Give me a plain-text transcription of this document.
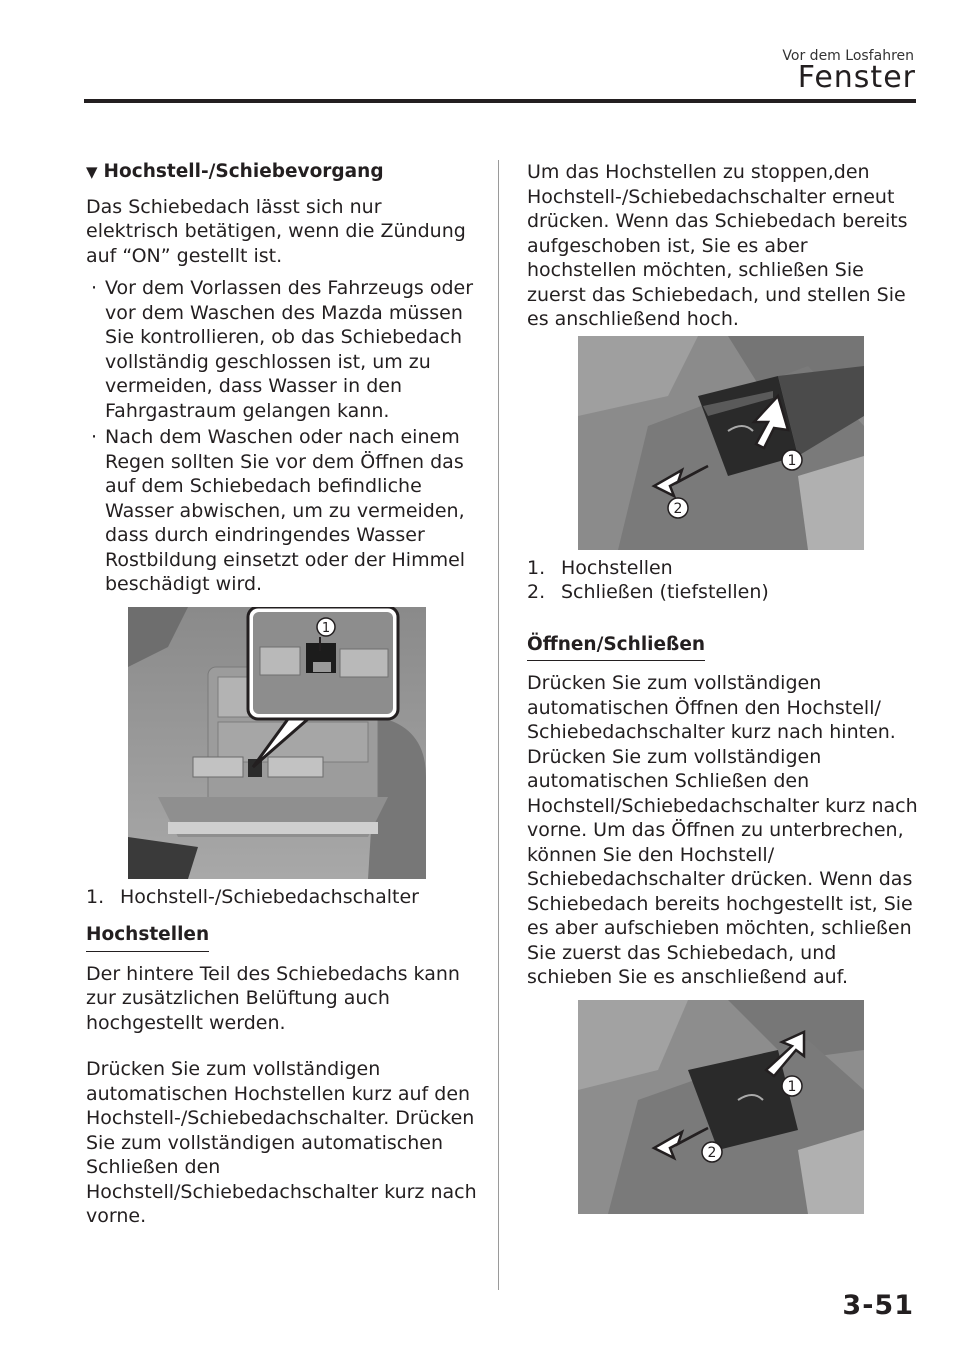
Vor dem Losfahren
Fenster

▼ Hochstell-/Schiebevorgang

Das Schiebedach lässt sich nur elektrisch betätigen, wenn die Zündung auf “ON” gestellt ist.

· Vor dem Vorlassen des Fahrzeugs oder vor dem Waschen des Mazda müssen Sie kontrollieren, ob das Schiebedach vollständig geschlossen ist, um zu vermeiden, dass Wasser in den Fahrgastraum gelangen kann.
· Nach dem Waschen oder nach einem Regen sollten Sie vor dem Öffnen das auf dem Schiebedach befindliche Wasser abwischen, um zu vermeiden, dass durch eindringendes Wasser Rostbildung einsetzt oder der Himmel beschädigt wird.
1
1. Hochstell-/Schiebedachschalter
Hochstellen

Der hintere Teil des Schiebedachs kann zur zusätzlichen Belüftung auch hochgestellt werden.

Drücken Sie zum vollständigen automatischen Hochstellen kurz auf den Hochstell-/Schiebedachschalter. Drücken Sie zum vollständigen automatischen Schließen den Hochstell/Schiebedachschalter kurz nach vorne.

Um das Hochstellen zu stoppen,den Hochstell-/Schiebedachschalter erneut drücken. Wenn das Schiebedach bereits aufgeschoben ist, Sie es aber hochstellen möchten, schließen Sie zuerst das Schiebedach, und stellen Sie es anschließend hoch.

1
2
1. Hochstellen
2. Schließen (tiefstellen)
Öffnen/Schließen

Drücken Sie zum vollständigen automatischen Öffnen den Hochstell/ Schiebedachschalter kurz nach hinten. Drücken Sie zum vollständigen automatischen Schließen den Hochstell/Schiebedachschalter kurz nach vorne. Um das Öffnen zu unterbrechen, können Sie den Hochstell/ Schiebedachschalter drücken. Wenn das Schiebedach bereits hochgestellt ist, Sie es aber aufschieben möchten, schließen Sie zuerst das Schiebedach, und schieben Sie es anschließend auf.

1
2
3-51
